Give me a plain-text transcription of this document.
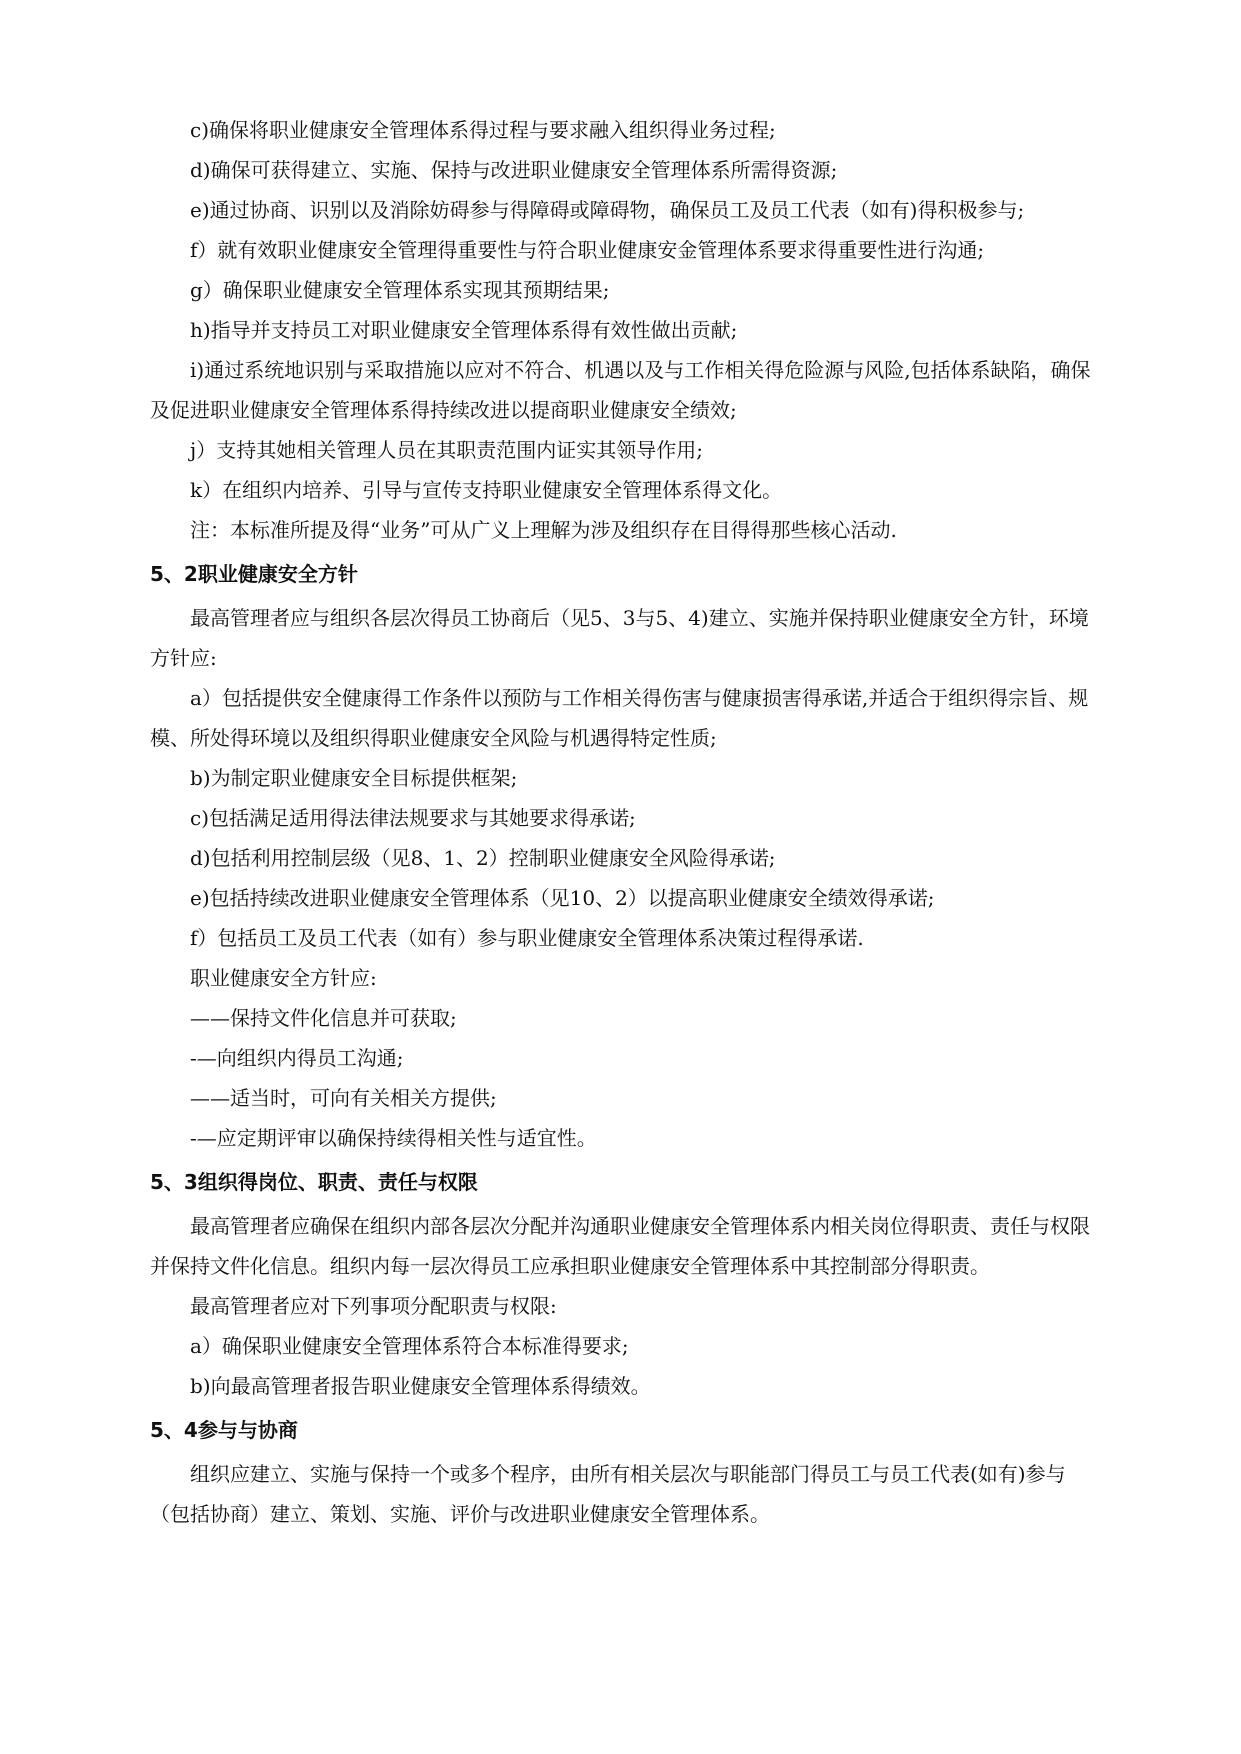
c)确保将职业健康安全管理体系得过程与要求融入组织得业务过程;

d)确保可获得建立、实施、保持与改进职业健康安全管理体系所需得资源;

e)通过协商、识别以及消除妨碍参与得障碍或障碍物，确保员工及员工代表（如有)得积极参与;

f）就有效职业健康安全管理得重要性与符合职业健康安金管理体系要求得重要性进行沟通;

g）确保职业健康安全管理体系实现其预期结果;

h)指导并支持员工对职业健康安全管理体系得有效性做出贡献;

i)通过系统地识别与采取措施以应对不符合、机遇以及与工作相关得危险源与风险,包括体系缺陷，确保及促进职业健康安全管理体系得持续改进以提商职业健康安全绩效;

j）支持其她相关管理人员在其职责范围内证实其领导作用;

k）在组织内培养、引导与宣传支持职业健康安全管理体系得文化。

注：本标准所提及得“业务”可从广义上理解为涉及组织存在目得得那些核心活动.

5、2职业健康安全方针

最高管理者应与组织各层次得员工协商后（见5、3与5、4)建立、实施并保持职业健康安全方针，环境方针应:

a）包括提供安全健康得工作条件以预防与工作相关得伤害与健康损害得承诺,并适合于组织得宗旨、规模、所处得环境以及组织得职业健康安全风险与机遇得特定性质;

b)为制定职业健康安全目标提供框架;

c)包括满足适用得法律法规要求与其她要求得承诺;

d)包括利用控制层级（见8、1、2）控制职业健康安全风险得承诺;

e)包括持续改进职业健康安全管理体系（见10、2）以提高职业健康安全绩效得承诺;

f）包括员工及员工代表（如有）参与职业健康安全管理体系决策过程得承诺.

职业健康安全方针应:

——保持文件化信息并可获取;

-—向组织内得员工沟通;

——适当时，可向有关相关方提供;

-—应定期评审以确保持续得相关性与适宜性。

5、3组织得岗位、职责、责任与权限

最高管理者应确保在组织内部各层次分配并沟通职业健康安全管理体系内相关岗位得职责、责任与权限并保持文件化信息。组织内每一层次得员工应承担职业健康安全管理体系中其控制部分得职责。

最高管理者应对下列事项分配职责与权限:

a）确保职业健康安全管理体系符合本标准得要求;

b)向最高管理者报告职业健康安全管理体系得绩效。

5、4参与与协商

组织应建立、实施与保持一个或多个程序，由所有相关层次与职能部门得员工与员工代表(如有)参与（包括协商）建立、策划、实施、评价与改进职业健康安全管理体系。
